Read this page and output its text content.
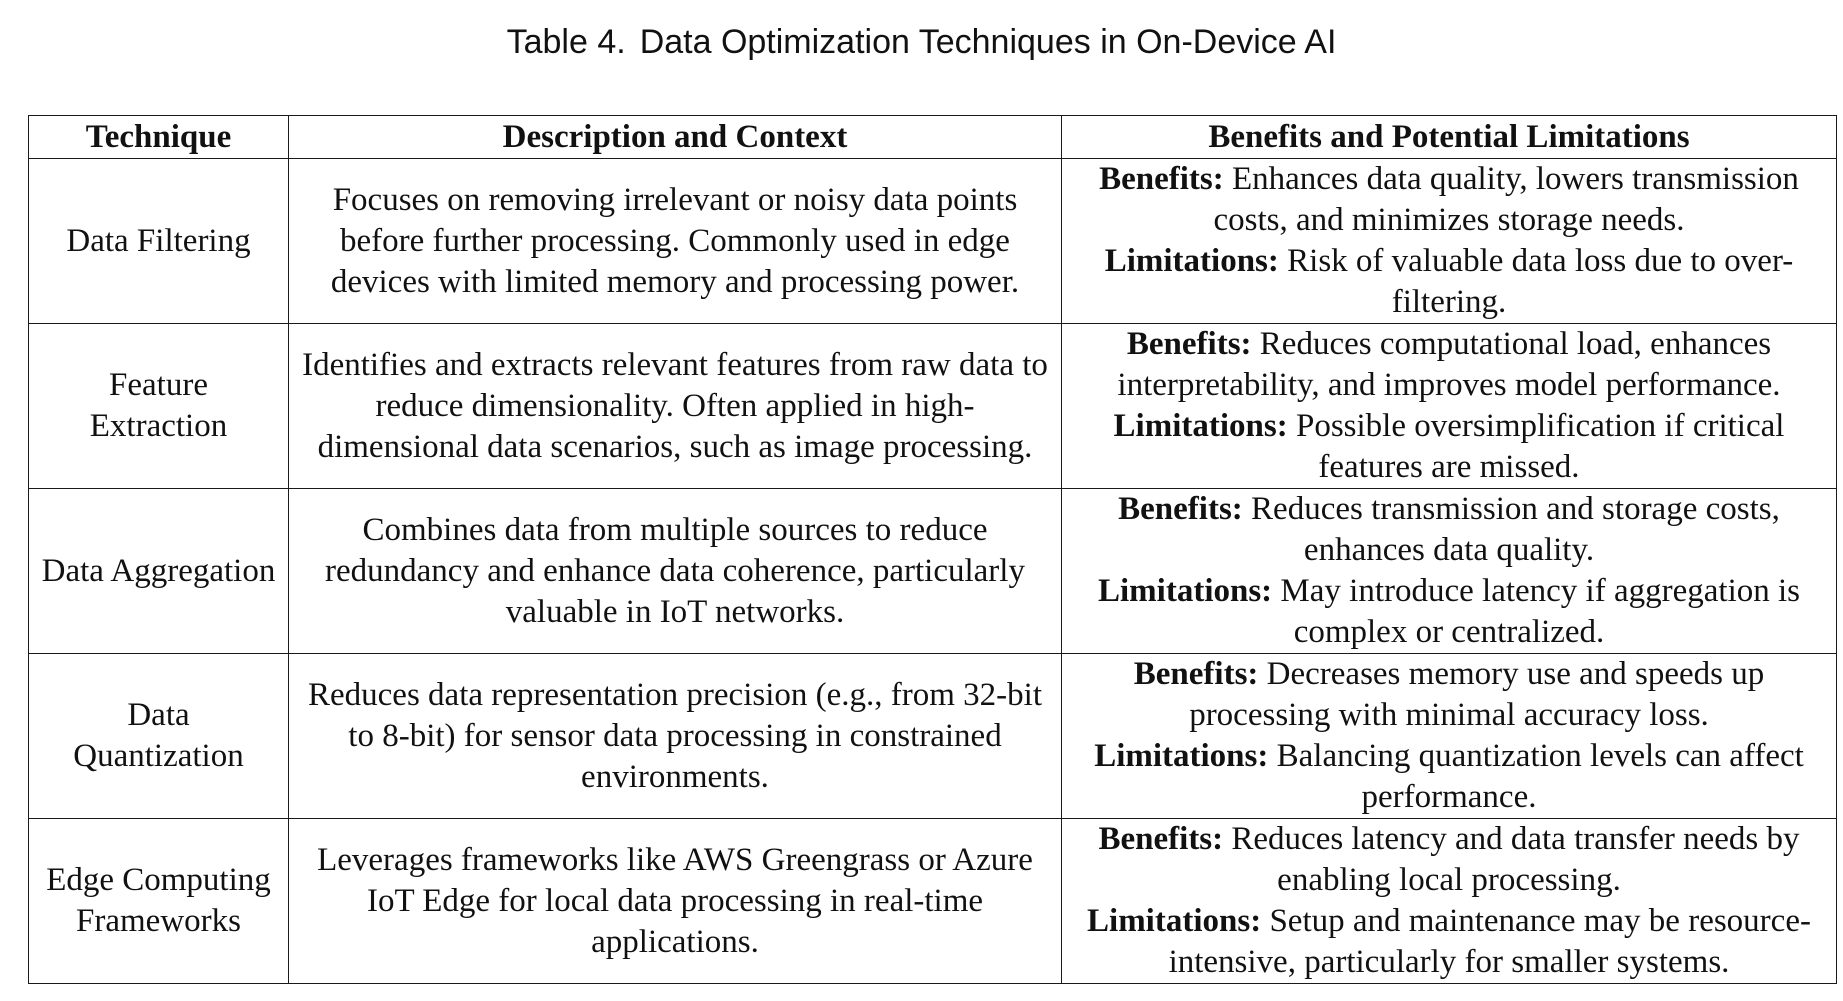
Table 4. Data Optimization Techniques in On-Device AI
Technique	Description and Context	Benefits and Potential Limitations
Data Filtering	Focuses on removing irrelevant or noisy data points before further processing. Commonly used in edge devices with limited memory and processing power.	Benefits: Enhances data quality, lowers transmission costs, and minimizes storage needs.
Limitations: Risk of valuable data loss due to over-filtering.

Feature Extraction	Identifies and extracts relevant features from raw data to reduce dimensionality. Often applied in high-dimensional data scenarios, such as image processing.	Benefits: Reduces computational load, enhances interpretability, and improves model performance.
Limitations: Possible oversimplification if critical features are missed.

Data Aggregation	Combines data from multiple sources to reduce redundancy and enhance data coherence, particularly valuable in IoT networks.	Benefits: Reduces transmission and storage costs, enhances data quality.
Limitations: May introduce latency if aggregation is complex or centralized.

Data Quantization	Reduces data representation precision (e.g., from 32-bit to 8-bit) for sensor data processing in constrained environments.	Benefits: Decreases memory use and speeds up processing with minimal accuracy loss.
Limitations: Balancing quantization levels can affect performance.

Edge Computing Frameworks	Leverages frameworks like AWS Greengrass or Azure IoT Edge for local data processing in real-time applications.	Benefits: Reduces latency and data transfer needs by enabling local processing.
Limitations: Setup and maintenance may be resource-intensive, particularly for smaller systems.
